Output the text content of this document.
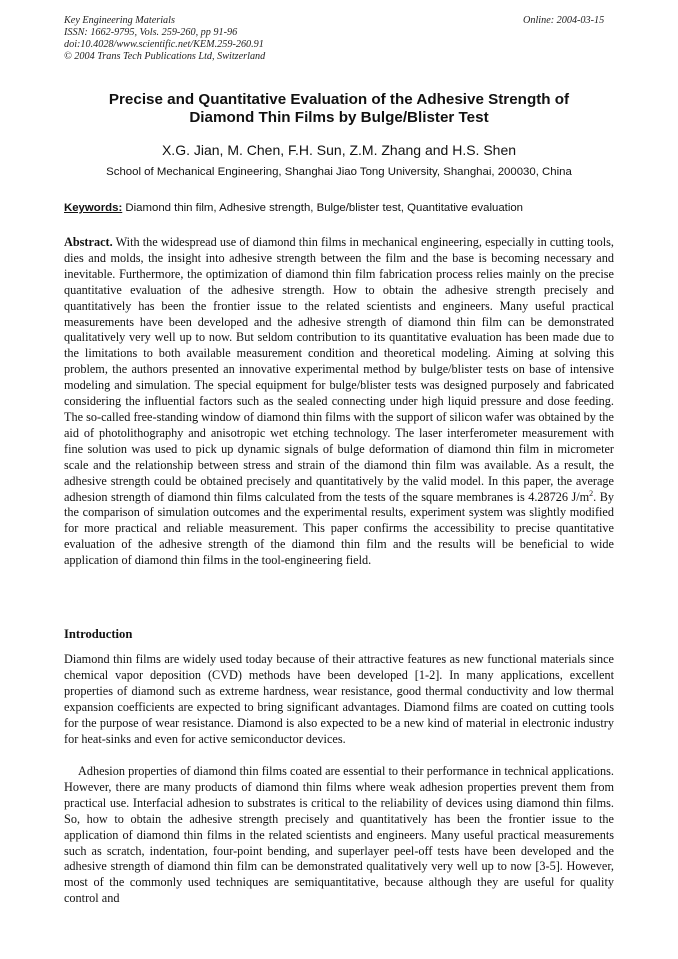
Key Engineering Materials
ISSN: 1662-9795, Vols. 259-260, pp 91-96
doi:10.4028/www.scientific.net/KEM.259-260.91
© 2004 Trans Tech Publications Ltd, Switzerland
Online: 2004-03-15
Precise and Quantitative Evaluation of the Adhesive Strength of
Diamond Thin Films by Bulge/Blister Test
X.G. Jian, M. Chen, F.H. Sun, Z.M. Zhang and H.S. Shen
School of Mechanical Engineering, Shanghai Jiao Tong University, Shanghai, 200030, China
Keywords: Diamond thin film, Adhesive strength, Bulge/blister test, Quantitative evaluation

Abstract. With the widespread use of diamond thin films in mechanical engineering, especially in cutting tools, dies and molds, the insight into adhesive strength between the film and the base is becoming necessary and inevitable. Furthermore, the optimization of diamond thin film fabrication process relies mainly on the precise quantitative evaluation of the adhesive strength. How to obtain the adhesive strength precisely and quantitatively has been the frontier issue to the related scientists and engineers. Many useful practical measurements have been developed and the adhesive strength of diamond thin film can be demonstrated qualitatively very well up to now. But seldom contribution to its quantitative evaluation has been made due to the limitations to both available measurement condition and theoretical modeling. Aiming at solving this problem, the authors presented an innovative experimental method by bulge/blister tests on base of intensive modeling and simulation. The special equipment for bulge/blister tests was designed purposely and fabricated considering the influential factors such as the sealed connecting under high liquid pressure and dose feeding. The so-called free-standing window of diamond thin films with the support of silicon wafer was obtained by the aid of photolithography and anisotropic wet etching technology. The laser interferometer measurement with fine solution was used to pick up dynamic signals of bulge deformation of diamond thin film in micrometer scale and the relationship between stress and strain of the diamond thin film was available. As a result, the adhesive strength could be obtained precisely and quantitatively by the valid model. In this paper, the average adhesion strength of diamond thin films calculated from the tests of the square membranes is 4.28726 $J/m^2$. By the comparison of simulation outcomes and the experimental results, experiment system was slightly modified for more practical and reliable measurement. This paper confirms the accessibility to precise quantitative evaluation of the adhesive strength of the diamond thin film and the results will be beneficial to wide application of diamond thin films in the tool-engineering field.

Introduction

Diamond thin films are widely used today because of their attractive features as new functional materials since chemical vapor deposition (CVD) methods have been developed [1-2]. In many applications, excellent properties of diamond such as extreme hardness, wear resistance, good thermal conductivity and low thermal expansion coefficients are expected to bring significant advantages. Diamond films are coated on cutting tools for the purpose of wear resistance. Diamond is also expected to be a new kind of material in electronic industry for heat-sinks and even for active semiconductor devices.

Adhesion properties of diamond thin films coated are essential to their performance in technical applications. However, there are many products of diamond thin films where weak adhesion properties prevent them from practical use. Interfacial adhesion to substrates is critical to the reliability of devices using diamond thin films. So, how to obtain the adhesive strength precisely and quantitatively has been the frontier issue to the application of diamond thin films in the related scientists and engineers. Many useful practical measurements such as scratch, indentation, four-point bending, and superlayer peel-off tests have been developed and the adhesive strength of diamond thin film can be demonstrated qualitatively very well up to now [3-5]. However, most of the commonly used techniques are semiquantitative, because although they are useful for quality control and
